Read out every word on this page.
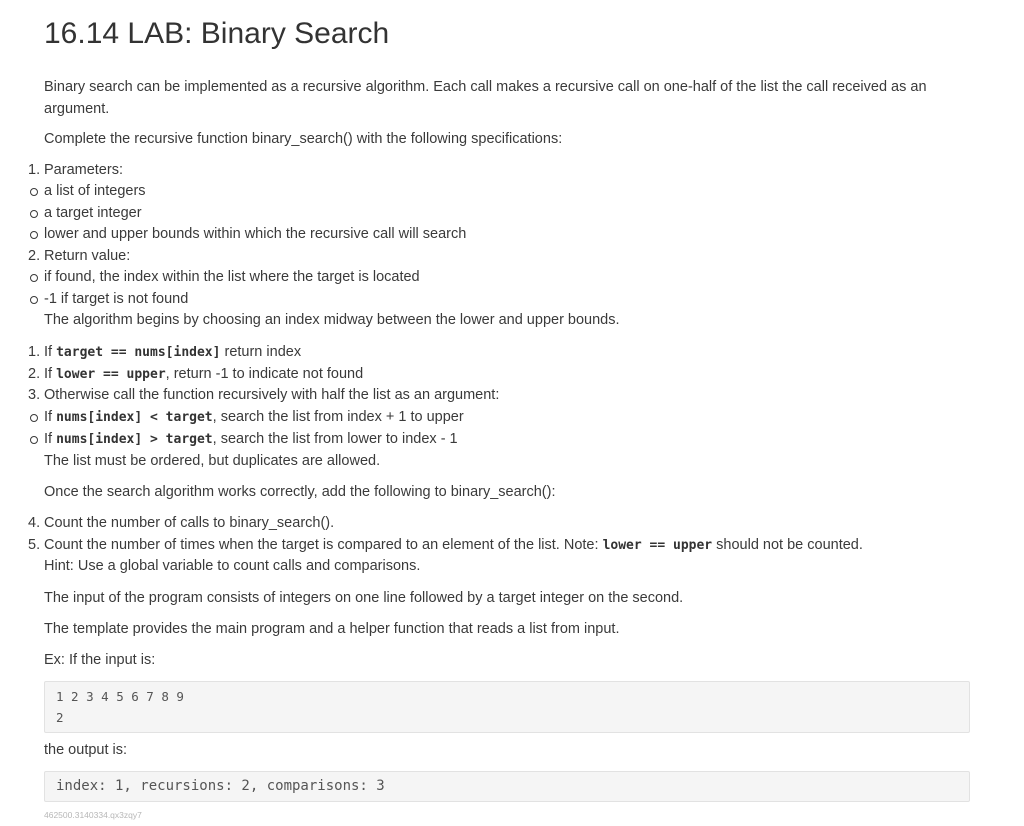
16.14 LAB: Binary Search
Binary search can be implemented as a recursive algorithm. Each call makes a recursive call on one-half of the list the call received as an argument.
Complete the recursive function binary_search() with the following specifications:
1. Parameters:
a list of integers
a target integer
lower and upper bounds within which the recursive call will search
2. Return value:
if found, the index within the list where the target is located
-1 if target is not found
The algorithm begins by choosing an index midway between the lower and upper bounds.
1. If target == nums[index] return index
2. If lower == upper, return -1 to indicate not found
3. Otherwise call the function recursively with half the list as an argument:
If nums[index] < target, search the list from index + 1 to upper
If nums[index] > target, search the list from lower to index - 1
The list must be ordered, but duplicates are allowed.
Once the search algorithm works correctly, add the following to binary_search():
4. Count the number of calls to binary_search().
5. Count the number of times when the target is compared to an element of the list. Note: lower == upper should not be counted.
Hint: Use a global variable to count calls and comparisons.
The input of the program consists of integers on one line followed by a target integer on the second.
The template provides the main program and a helper function that reads a list from input.
Ex: If the input is:
1 2 3 4 5 6 7 8 9
2
the output is:
index: 1, recursions: 2, comparisons: 3
462500.3140334.qx3zqy7
